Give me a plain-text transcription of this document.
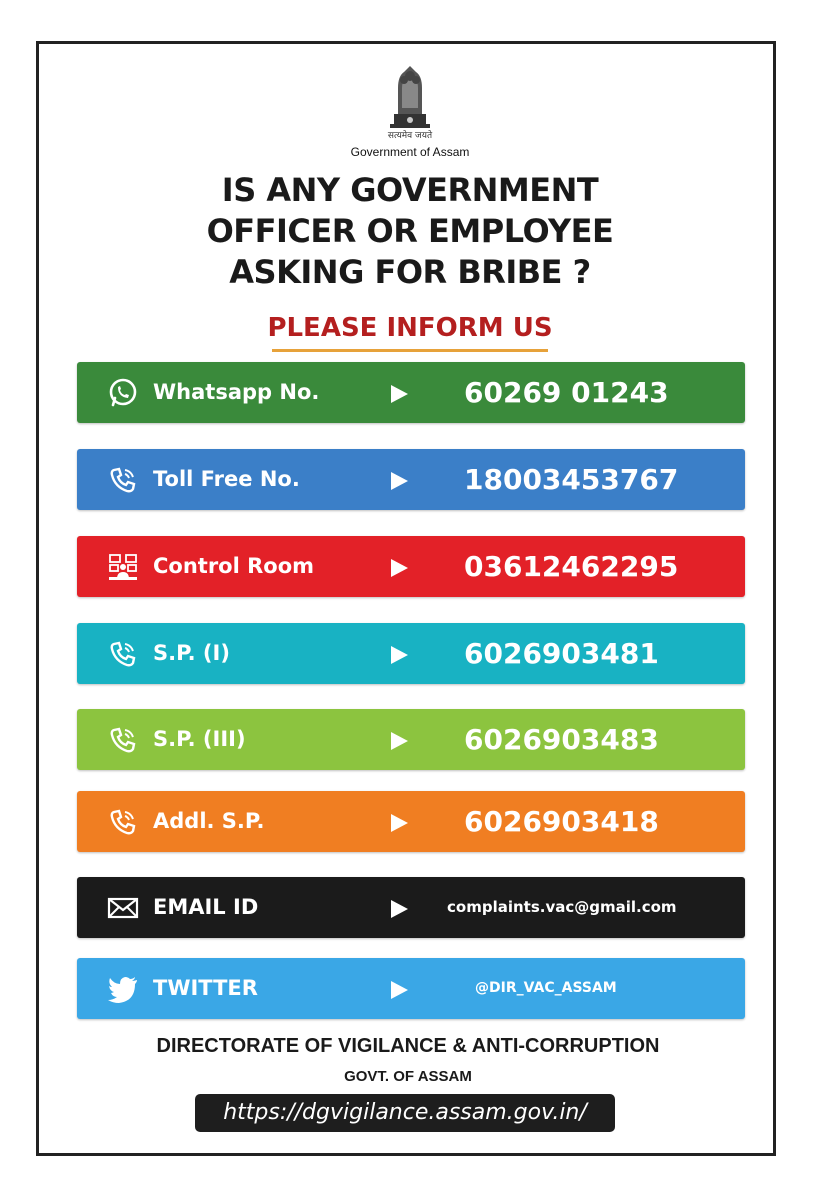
सत्यमेव जयते
Government of Assam
IS ANY GOVERNMENT
OFFICER OR EMPLOYEE
ASKING FOR BRIBE ?
PLEASE INFORM US
Whatsapp No.	60269 01243
Toll Free No.	18003453767
Control Room	03612462295
S.P. (I)	6026903481
S.P. (III)	6026903483
Addl. S.P.	6026903418
EMAIL ID	complaints.vac@gmail.com
TWITTER	@DIR_VAC_ASSAM
DIRECTORATE OF VIGILANCE & ANTI-CORRUPTION
GOVT. OF ASSAM
https://dgvigilance.assam.gov.in/
